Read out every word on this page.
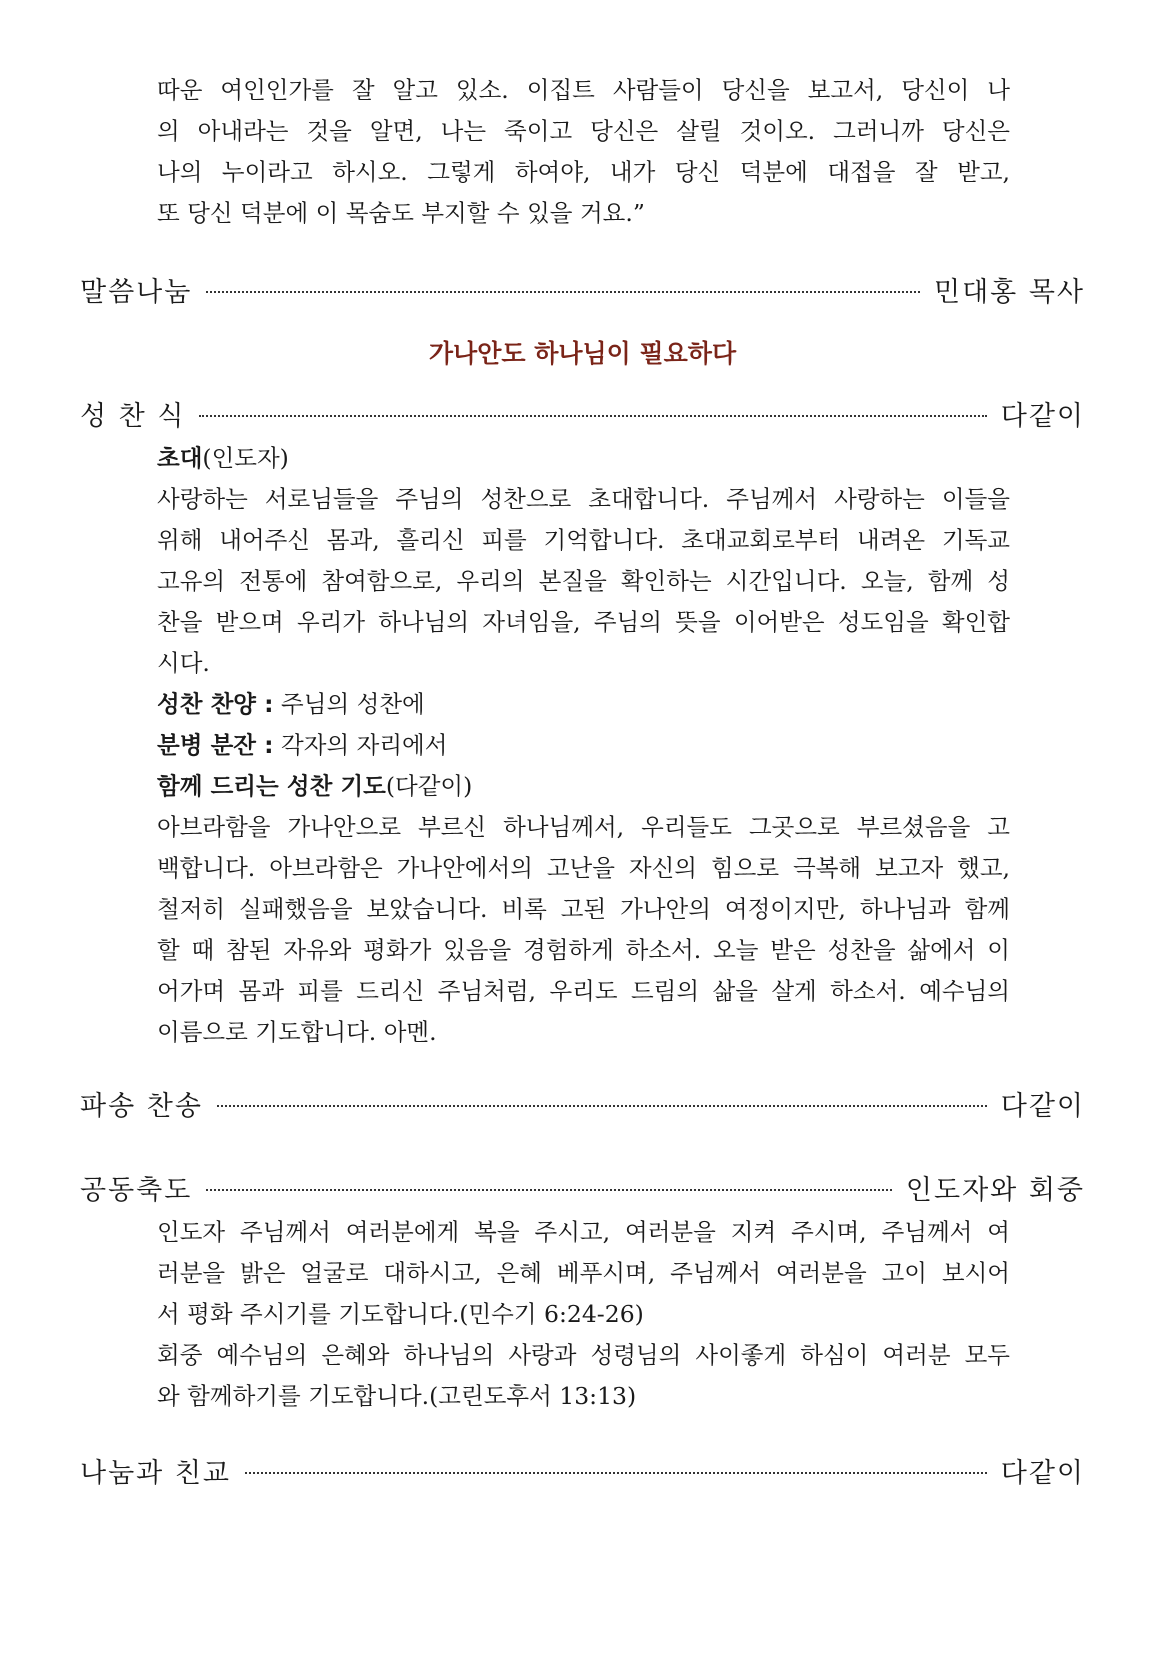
따운 여인인가를 잘 알고 있소. 이집트 사람들이 당신을 보고서, 당신이 나
의 아내라는 것을 알면, 나는 죽이고 당신은 살릴 것이오. 그러니까 당신은
나의 누이라고 하시오. 그렇게 하여야, 내가 당신 덕분에 대접을 잘 받고,
또 당신 덕분에 이 목숨도 부지할 수 있을 거요.”
말씀나눔	민대홍 목사
가나안도 하나님이 필요하다
성 찬 식	다같이
초대(인도자)
사랑하는 서로님들을 주님의 성찬으로 초대합니다. 주님께서 사랑하는 이들을
위해 내어주신 몸과, 흘리신 피를 기억합니다. 초대교회로부터 내려온 기독교
고유의 전통에 참여함으로, 우리의 본질을 확인하는 시간입니다. 오늘, 함께 성
찬을 받으며 우리가 하나님의 자녀임을, 주님의 뜻을 이어받은 성도임을 확인합
시다.
성찬 찬양 : 주님의 성찬에
분병 분잔 : 각자의 자리에서
함께 드리는 성찬 기도(다같이)
아브라함을 가나안으로 부르신 하나님께서, 우리들도 그곳으로 부르셨음을 고
백합니다. 아브라함은 가나안에서의 고난을 자신의 힘으로 극복해 보고자 했고,
철저히 실패했음을 보았습니다. 비록 고된 가나안의 여정이지만, 하나님과 함께
할 때 참된 자유와 평화가 있음을 경험하게 하소서. 오늘 받은 성찬을 삶에서 이
어가며 몸과 피를 드리신 주님처럼, 우리도 드림의 삶을 살게 하소서. 예수님의
이름으로 기도합니다. 아멘.
파송 찬송	다같이
공동축도	인도자와 회중
인도자 주님께서 여러분에게 복을 주시고, 여러분을 지켜 주시며, 주님께서 여
러분을 밝은 얼굴로 대하시고, 은혜 베푸시며, 주님께서 여러분을 고이 보시어
서 평화 주시기를 기도합니다.(민수기 6:24-26)
회중 예수님의 은혜와 하나님의 사랑과 성령님의 사이좋게 하심이 여러분 모두
와 함께하기를 기도합니다.(고린도후서 13:13)
나눔과 친교	다같이
